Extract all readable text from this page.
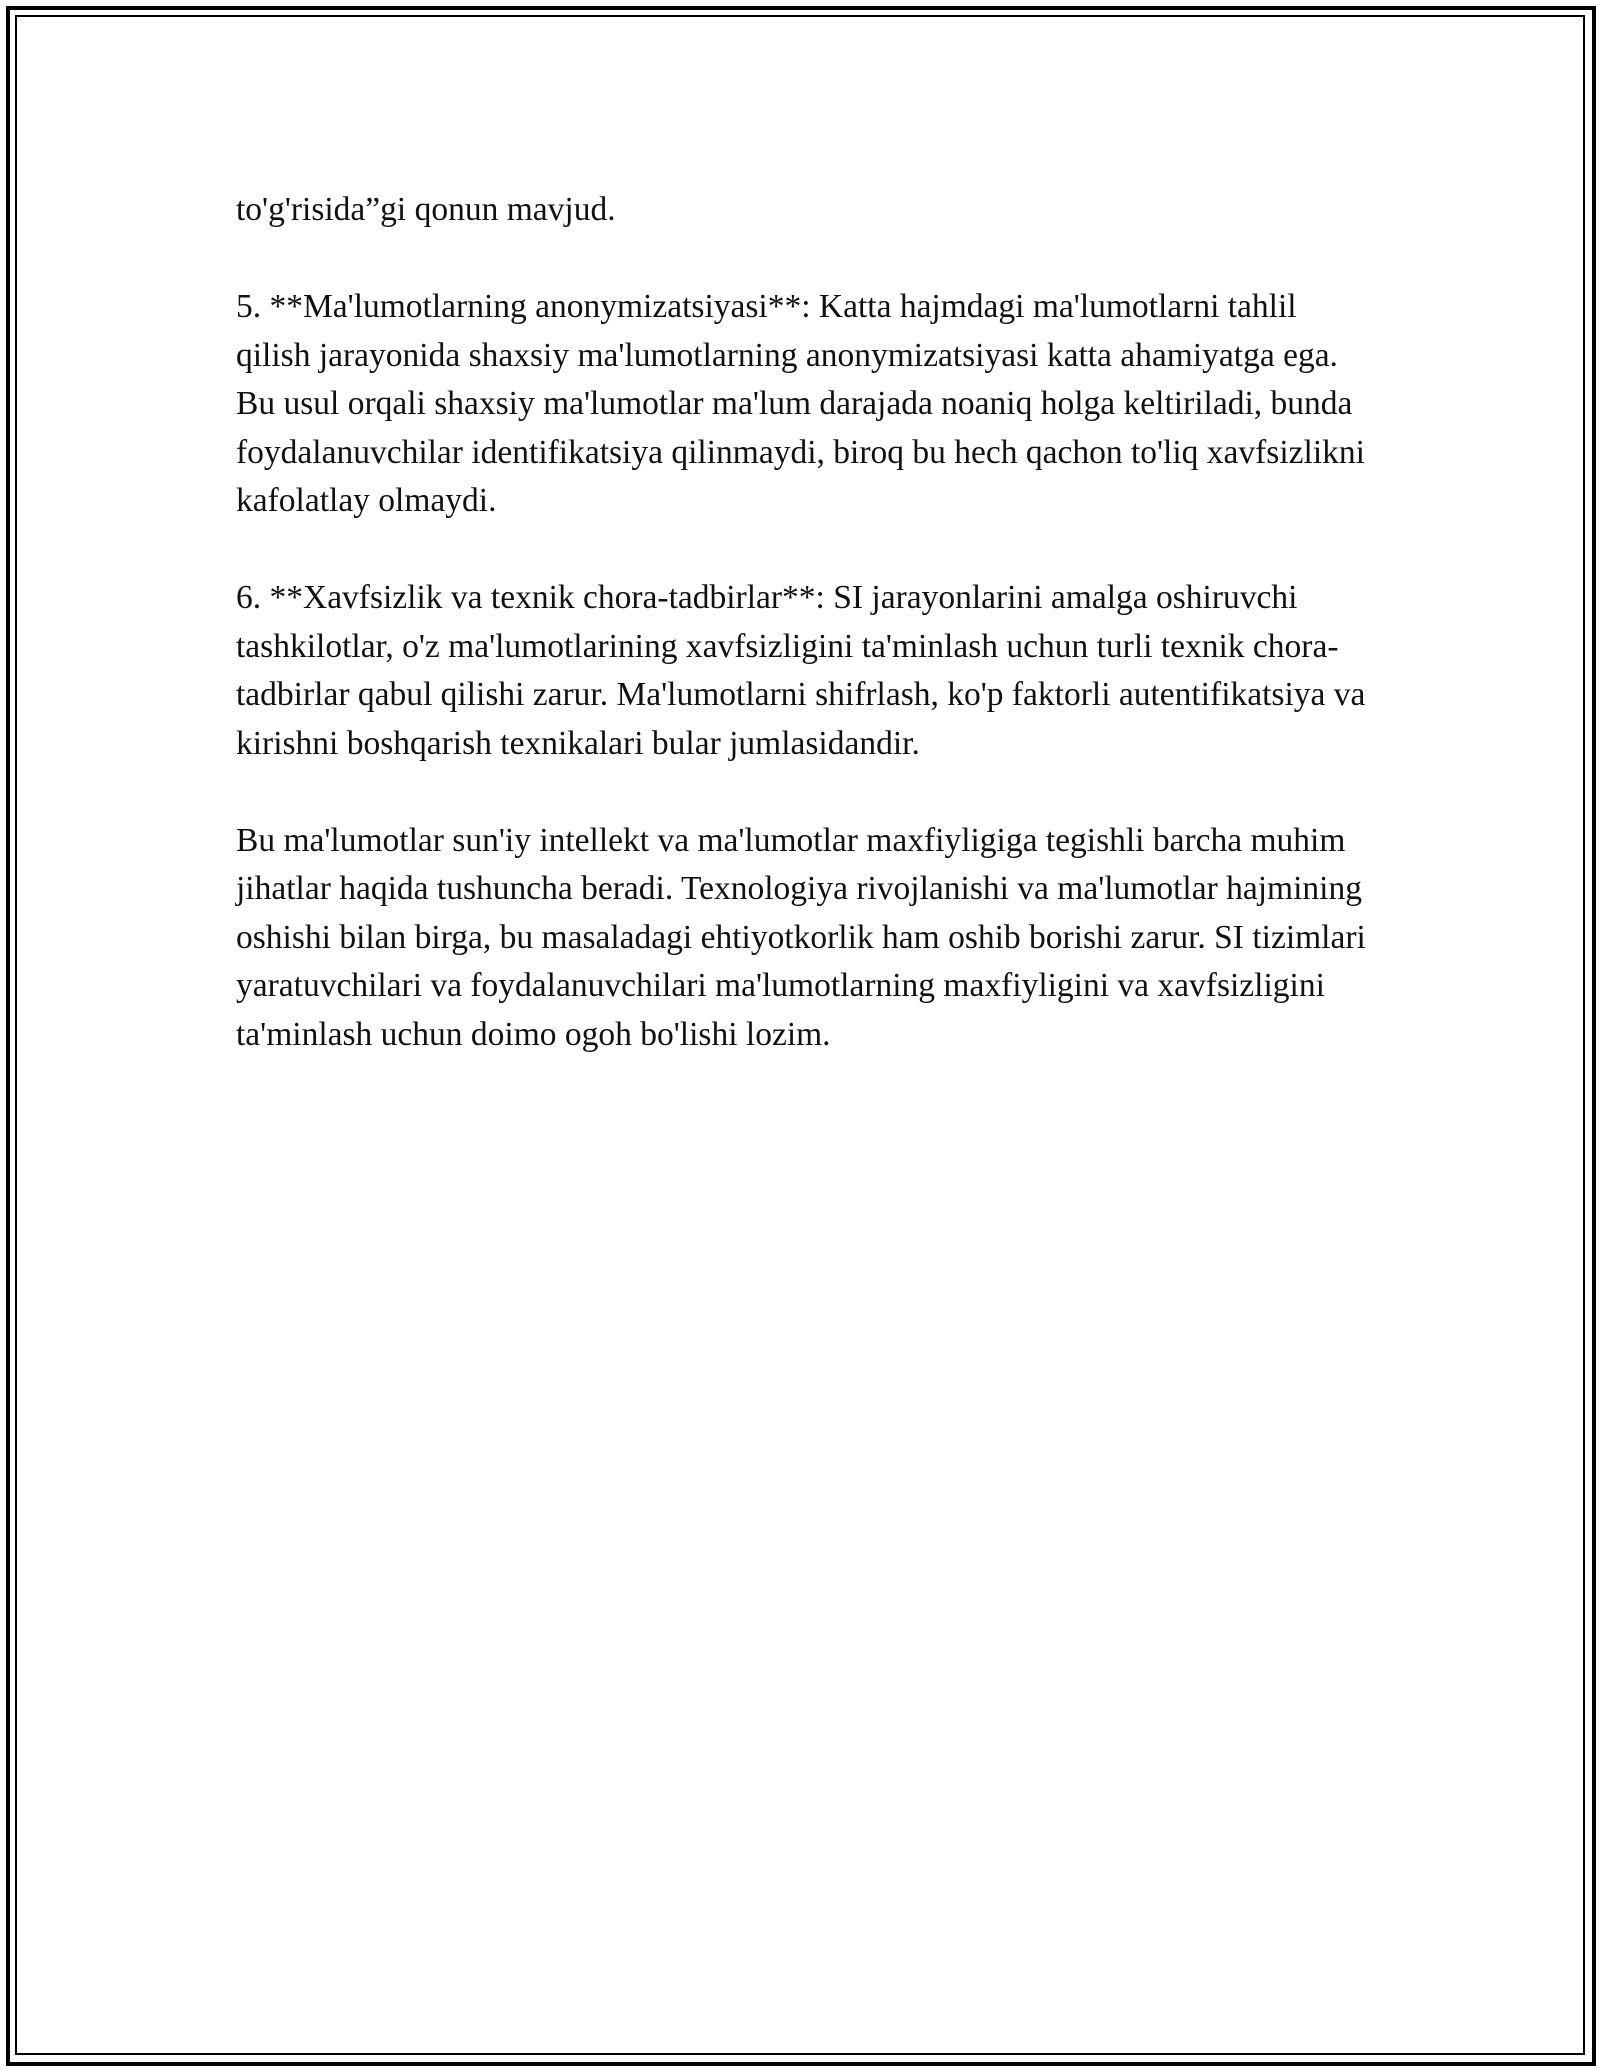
to'g'risida”gi qonun mavjud.

5. **Ma'lumotlarning anonymizatsiyasi**: Katta hajmdagi ma'lumotlarni tahlil qilish jarayonida shaxsiy ma'lumotlarning anonymizatsiyasi katta ahamiyatga ega. Bu usul orqali shaxsiy ma'lumotlar ma'lum darajada noaniq holga keltiriladi, bunda foydalanuvchilar identifikatsiya qilinmaydi, biroq bu hech qachon to'liq xavfsizlikni kafolatlay olmaydi.

6. **Xavfsizlik va texnik chora-tadbirlar**: SI jarayonlarini amalga oshiruvchi tashkilotlar, o'z ma'lumotlarining xavfsizligini ta'minlash uchun turli texnik chora-tadbirlar qabul qilishi zarur. Ma'lumotlarni shifrlash, ko'p faktorli autentifikatsiya va kirishni boshqarish texnikalari bular jumlasidandir.

Bu ma'lumotlar sun'iy intellekt va ma'lumotlar maxfiyligiga tegishli barcha muhim jihatlar haqida tushuncha beradi. Texnologiya rivojlanishi va ma'lumotlar hajmining oshishi bilan birga, bu masaladagi ehtiyotkorlik ham oshib borishi zarur. SI tizimlari yaratuvchilari va foydalanuvchilari ma'lumotlarning maxfiyligini va xavfsizligini ta'minlash uchun doimo ogoh bo'lishi lozim.
